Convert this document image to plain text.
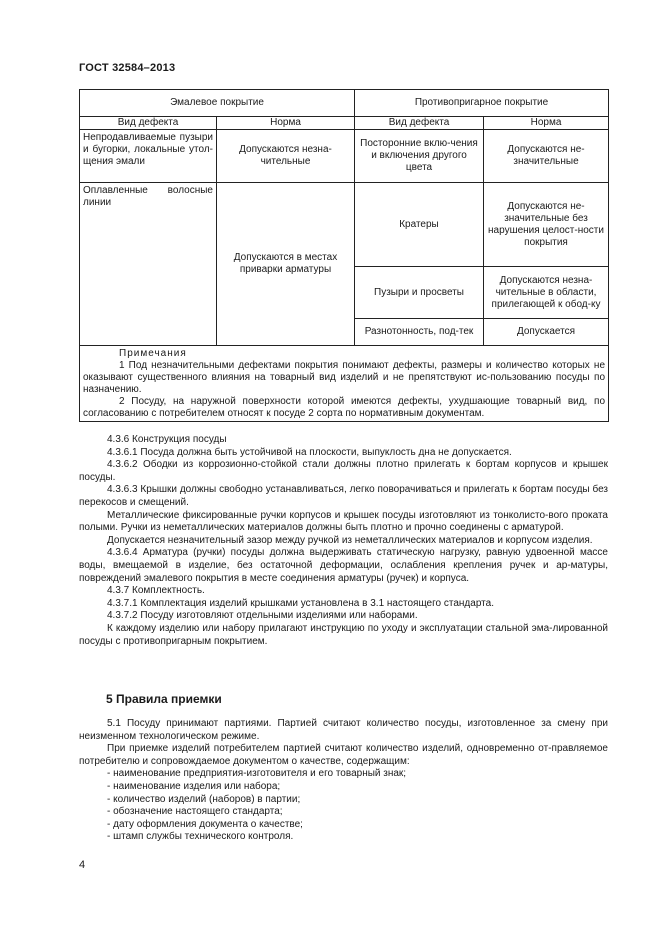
ГОСТ 32584–2013
Эмалевое покрытие		Противопригарное покрытие	
Вид дефекта	Норма	Вид дефекта	Норма
Непродавливаемые пузыри и бугорки, локальные утол-щения эмали	Допускаются незна-чительные	Посторонние вклю-чения и включения другого цвета	Допускаются не-значительные
Оплавленные волосные линии	Допускаются в местах приварки арматуры	Кратеры	Допускаются не-значительные без нарушения целост-ности покрытия
		Пузыри и просветы	Допускаются незна-чительные в области, прилегающей к обод-ку
		Разнотонность, под-тек	Допускается

Примечания

1 Под незначительными дефектами покрытия понимают дефекты, размеры и количество которых не оказывают существенного влияния на товарный вид изделий и не препятствуют ис-пользованию посуды по назначению.

2 Посуду, на наружной поверхности которой имеются дефекты, ухудшающие товарный вид, по согласованию с потребителем относят к посуде 2 сорта по нормативным документам.			

4.3.6 Конструкция посуды

4.3.6.1 Посуда должна быть устойчивой на плоскости, выпуклость дна не допускается.

4.3.6.2 Ободки из коррозионно-стойкой стали должны плотно прилегать к бортам корпусов и крышек посуды.

4.3.6.3 Крышки должны свободно устанавливаться, легко поворачиваться и прилегать к бортам посуды без перекосов и смещений.

Металлические фиксированные ручки корпусов и крышек посуды изготовляют из тонколисто-вого проката полыми. Ручки из неметаллических материалов должны быть плотно и прочно соединены с арматурой.

Допускается незначительный зазор между ручкой из неметаллических материалов и корпусом изделия.

4.3.6.4 Арматура (ручки) посуды должна выдерживать статическую нагрузку, равную удвоенной массе воды, вмещаемой в изделие, без остаточной деформации, ослабления крепления ручек и ар-матуры, повреждений эмалевого покрытия в месте соединения арматуры (ручек) и корпуса.

4.3.7 Комплектность.

4.3.7.1 Комплектация изделий крышками установлена в 3.1 настоящего стандарта.

4.3.7.2 Посуду изготовляют отдельными изделиями или наборами.

К каждому изделию или набору прилагают инструкцию по уходу и эксплуатации стальной эма-лированной посуды с противопригарным покрытием.

5 Правила приемки

5.1 Посуду принимают партиями. Партией считают количество посуды, изготовленное за смену при неизменном технологическом режиме.

При приемке изделий потребителем партией считают количество изделий, одновременно от-правляемое потребителю и сопровождаемое документом о качестве, содержащим:

- наименование предприятия-изготовителя и его товарный знак;

- наименование изделия или набора;

- количество изделий (наборов) в партии;

- обозначение настоящего стандарта;

- дату оформления документа о качестве;

- штамп службы технического контроля.

4
